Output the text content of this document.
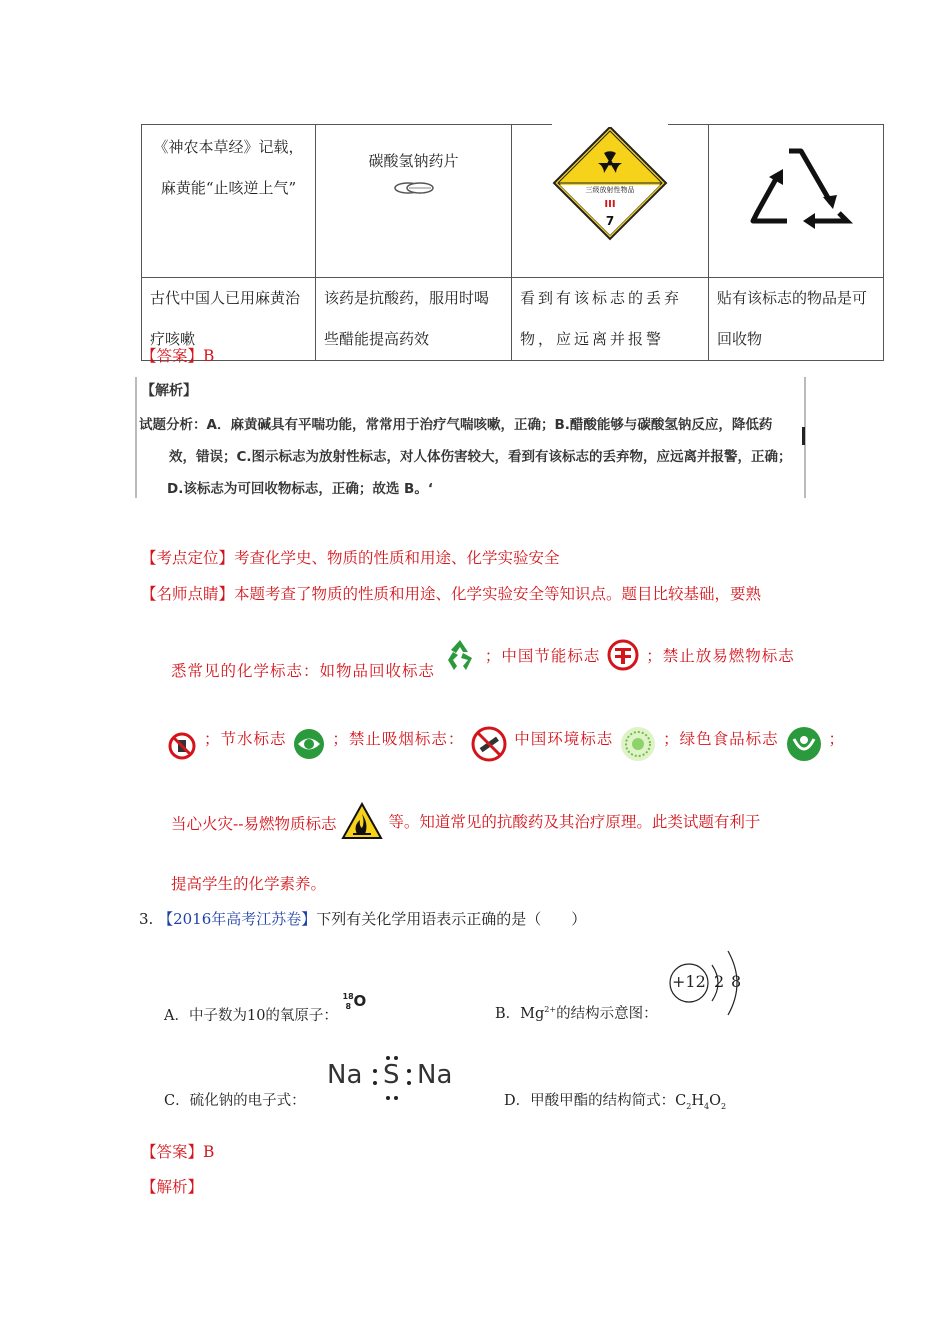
《神农本草经》记载，麻黄能“止咳逆上气”	碳酸氢钠药片	三级放射性物品
III
7

古代中国人已用麻黄治疗咳嗽	该药是抗酸药，服用时喝些醋能提高药效	看到有该标志的丢弃物，应远离并报警	贴有该标志的物品是可回收物
【答案】B
【解析】
试题分析：A．麻黄碱具有平喘功能，常常用于治疗气喘咳嗽，正确；B.醋酸能够与碳酸氢钠反应，降低药
效，错误；C.图示标志为放射性标志，对人体伤害较大，看到有该标志的丢弃物，应远离并报警，正确；
D.该标志为可回收物标志，正确；故选 B。‘
【考点定位】考查化学史、物质的性质和用途、化学实验安全
【名师点睛】本题考查了物质的性质和用途、化学实验安全等知识点。题目比较基础，要熟
悉常见的化学标志：如物品回收标志  ；中国节能标志	；禁止放易燃物标志
；节水标志	；禁止吸烟标志：	中国环境标志	；绿色食品标志	；
当心火灾--易燃物质标志	等。知道常见的抗酸药及其治疗原理。此类试题有利于
提高学生的化学素养。
3. 【2016年高考江苏卷】下列有关化学用语表示正确的是（　　）
A．中子数为10的氧原子：
18
8 O
B．$Mg^{2+}$的结构示意图：
+12 2 8
C．硫化钠的电子式：
Na S Na
D．甲酸甲酯的结构简式：$C_2H_4O_2$
【答案】B
【解析】
